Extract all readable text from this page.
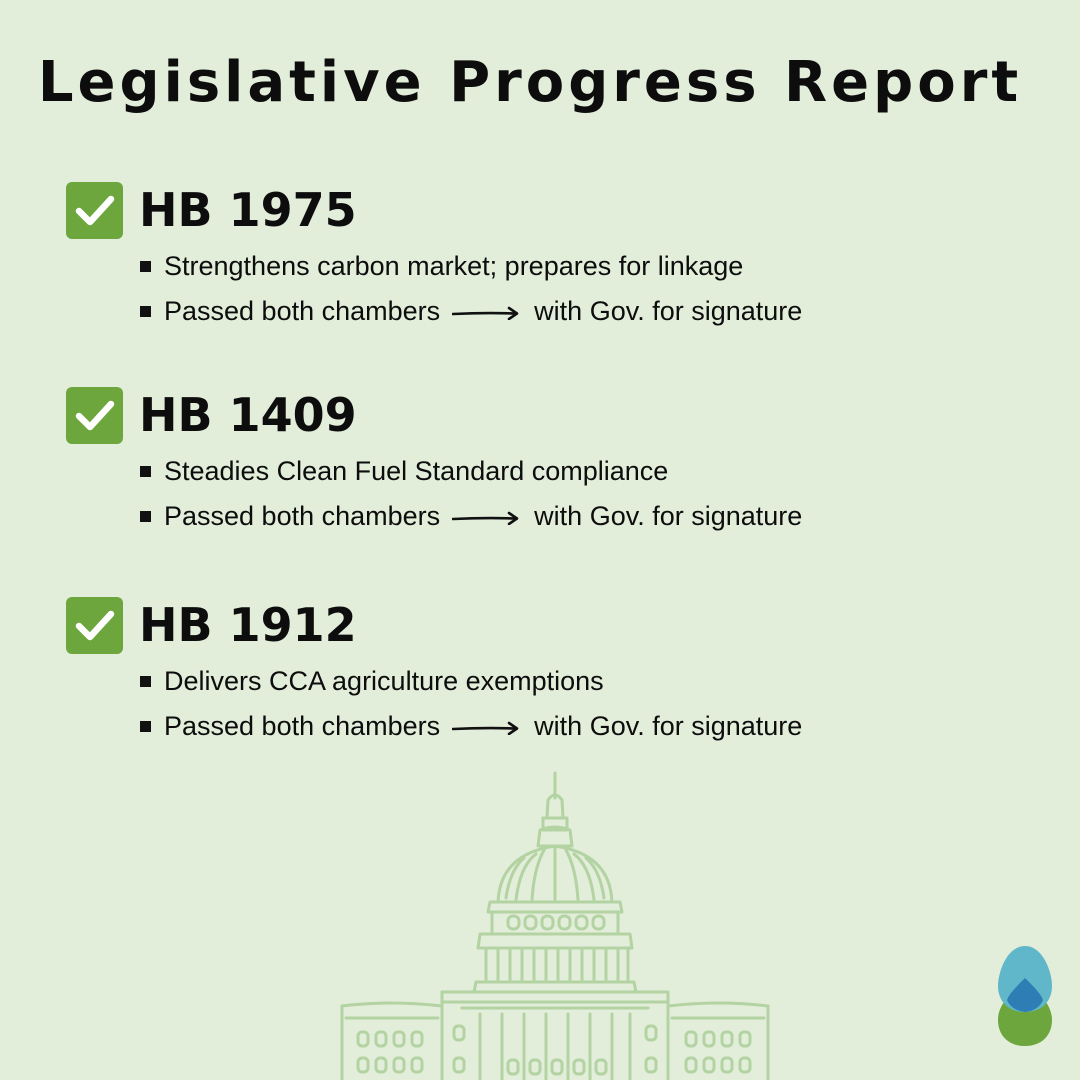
Legislative Progress Report
HB 1975
Strengthens carbon market; prepares for linkage
Passed both chambers	with Gov. for signature
HB 1409
Steadies Clean Fuel Standard compliance
Passed both chambers	with Gov. for signature
HB 1912
Delivers CCA agriculture exemptions
Passed both chambers	with Gov. for signature
